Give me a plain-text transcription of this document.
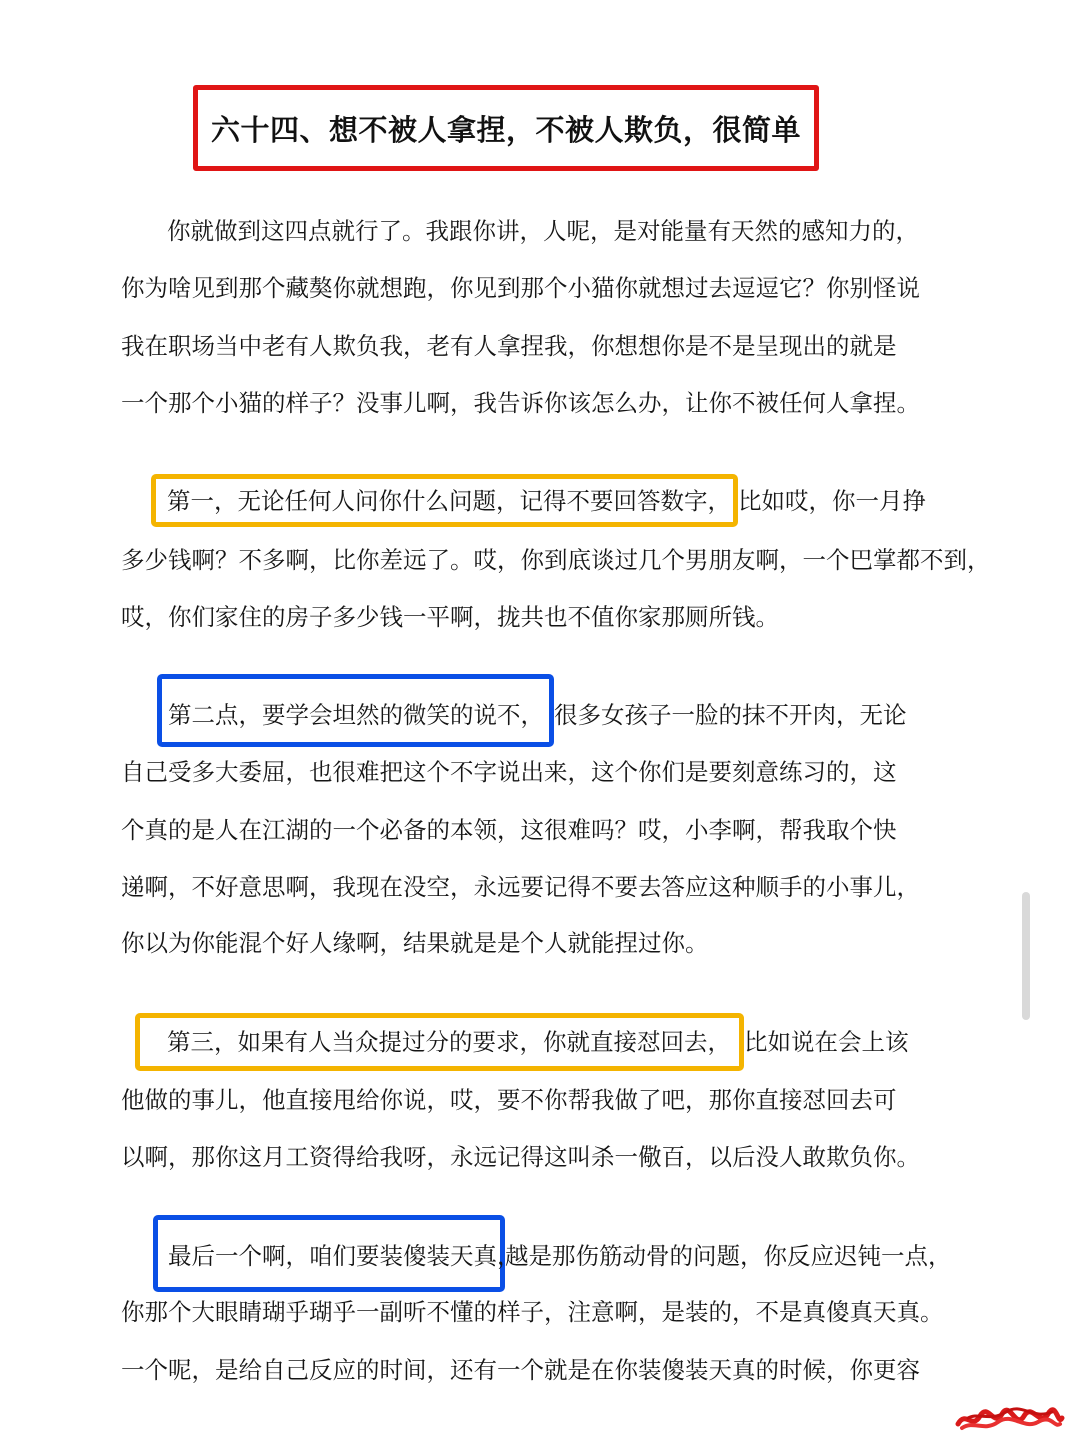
六十四、想不被人拿捏，不被人欺负，很简单
你就做到这四点就行了。我跟你讲，人呢，是对能量有天然的感知力的，
你为啥见到那个藏獒你就想跑，你见到那个小猫你就想过去逗逗它？你别怪说
我在职场当中老有人欺负我，老有人拿捏我，你想想你是不是呈现出的就是
一个那个小猫的样子？没事儿啊，我告诉你该怎么办，让你不被任何人拿捏。
第一，无论任何人问你什么问题，记得不要回答数字， 比如哎，你一月挣
多少钱啊？不多啊，比你差远了。哎，你到底谈过几个男朋友啊，一个巴掌都不到，
哎，你们家住的房子多少钱一平啊，拢共也不值你家那厕所钱。
第二点，要学会坦然的微笑的说不， 很多女孩子一脸的抹不开肉，无论
自己受多大委屈，也很难把这个不字说出来，这个你们是要刻意练习的，这
个真的是人在江湖的一个必备的本领，这很难吗？哎，小李啊，帮我取个快
递啊，不好意思啊，我现在没空，永远要记得不要去答应这种顺手的小事儿，
你以为你能混个好人缘啊，结果就是是个人就能捏过你。
第三，如果有人当众提过分的要求，你就直接怼回去， 比如说在会上该
他做的事儿，他直接甩给你说，哎，要不你帮我做了吧，那你直接怼回去可
以啊，那你这月工资得给我呀，永远记得这叫杀一儆百，以后没人敢欺负你。
最后一个啊，咱们要装傻装天真，
越是那伤筋动骨的问题，你反应迟钝一点，
你那个大眼睛瑚乎瑚乎一副听不懂的样子，注意啊，是装的，不是真傻真天真。
一个呢，是给自己反应的时间，还有一个就是在你装傻装天真的时候，你更容
